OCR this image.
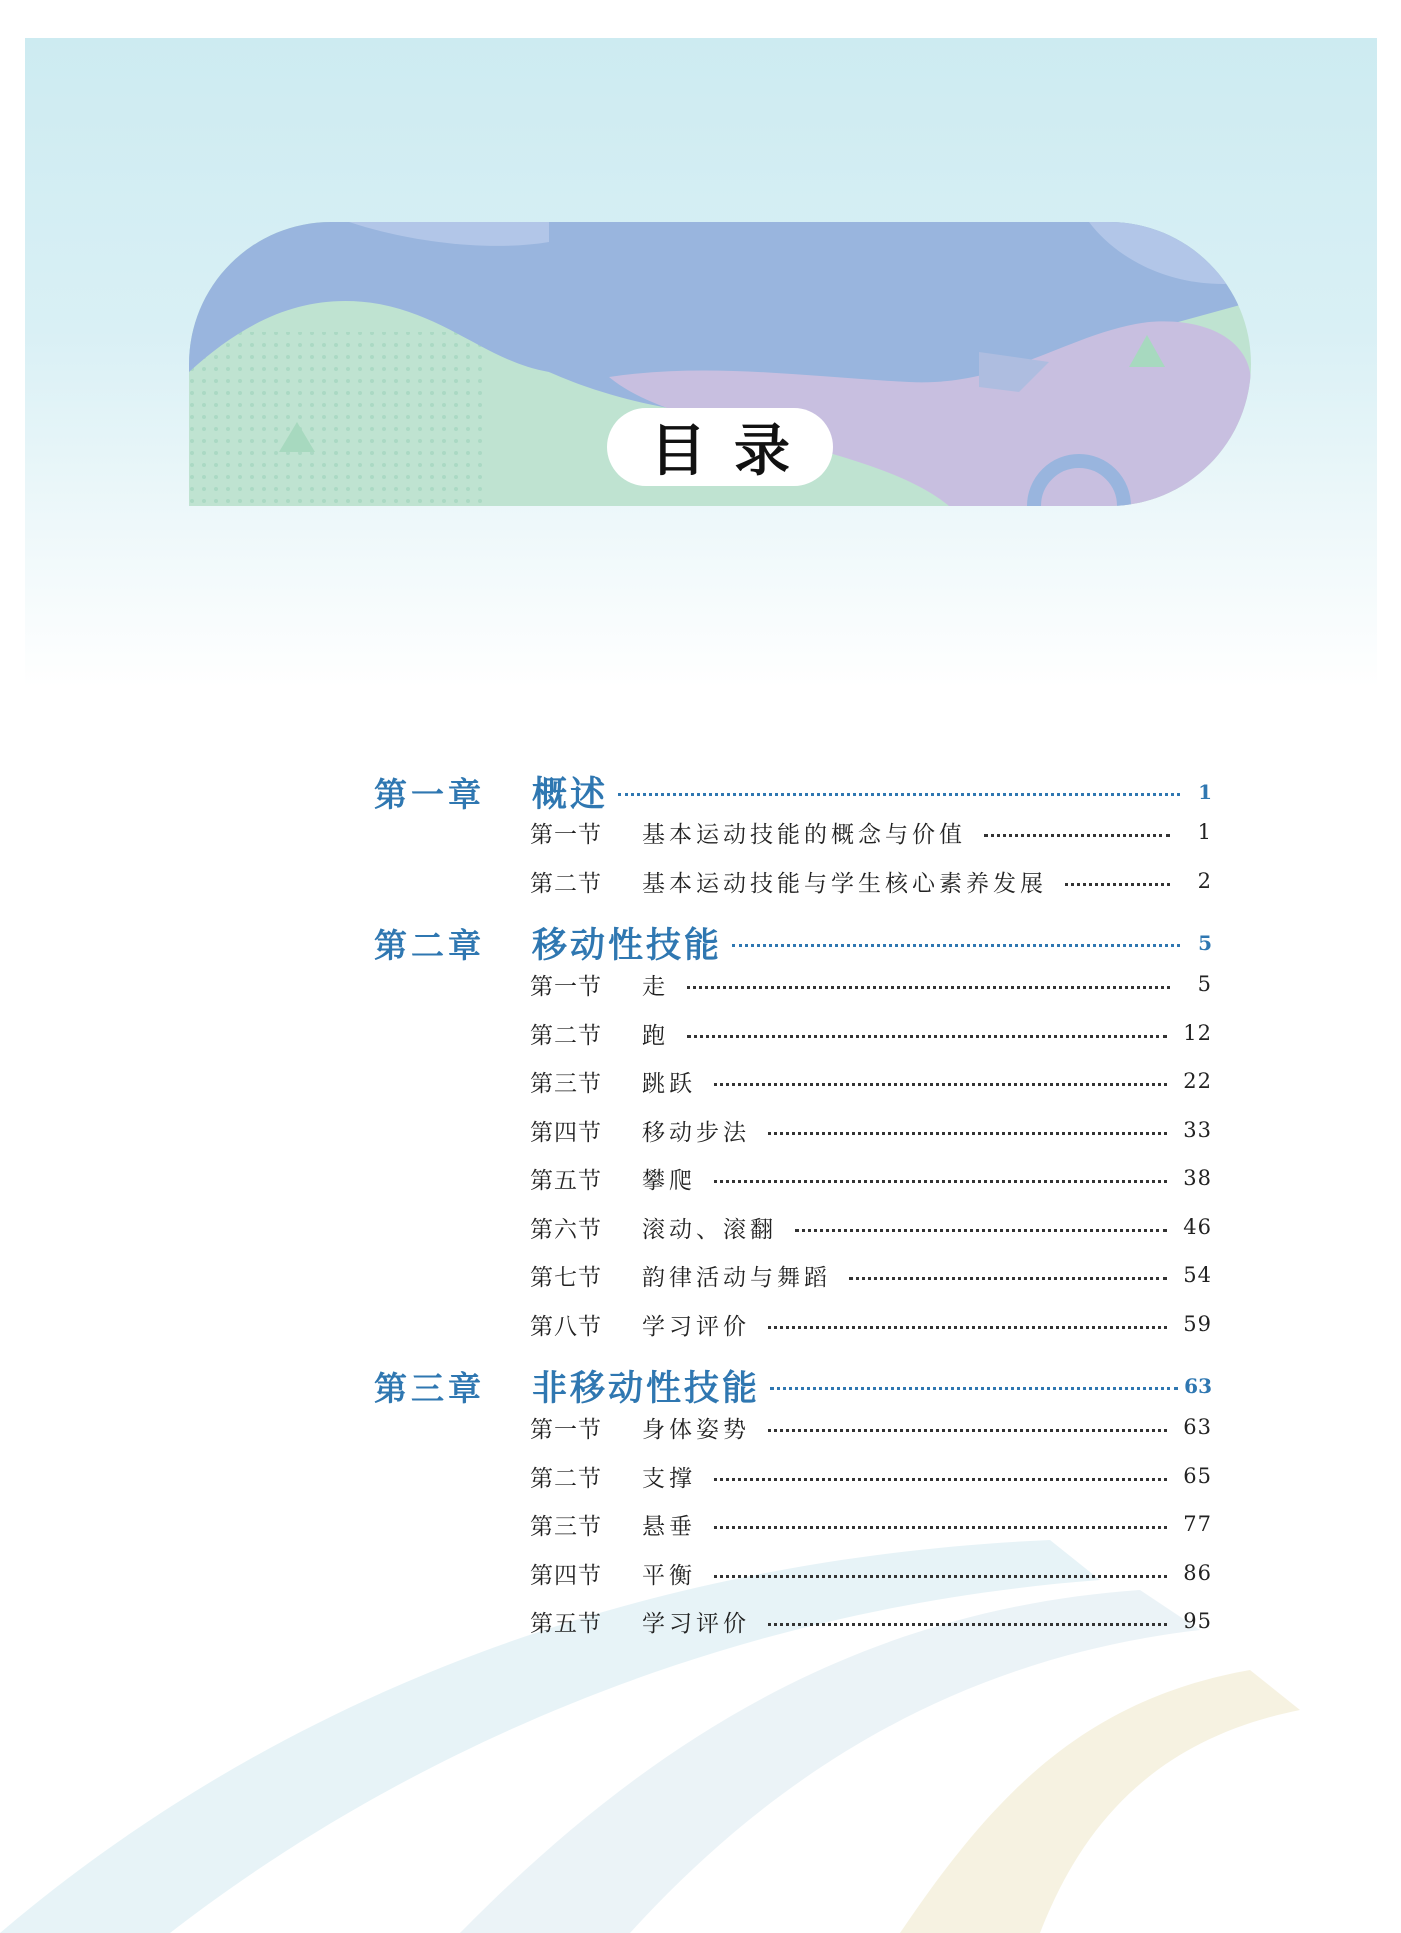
目录
第一章	概述	1
第一节	基本运动技能的概念与价值	1
第二节	基本运动技能与学生核心素养发展	2
第二章	移动性技能	5
第一节	走	5
第二节	跑	12
第三节	跳跃	22
第四节	移动步法	33
第五节	攀爬	38
第六节	滚动、滚翻	46
第七节	韵律活动与舞蹈	54
第八节	学习评价	59
第三章	非移动性技能	63
第一节	身体姿势	63
第二节	支撑	65
第三节	悬垂	77
第四节	平衡	86
第五节	学习评价	95
